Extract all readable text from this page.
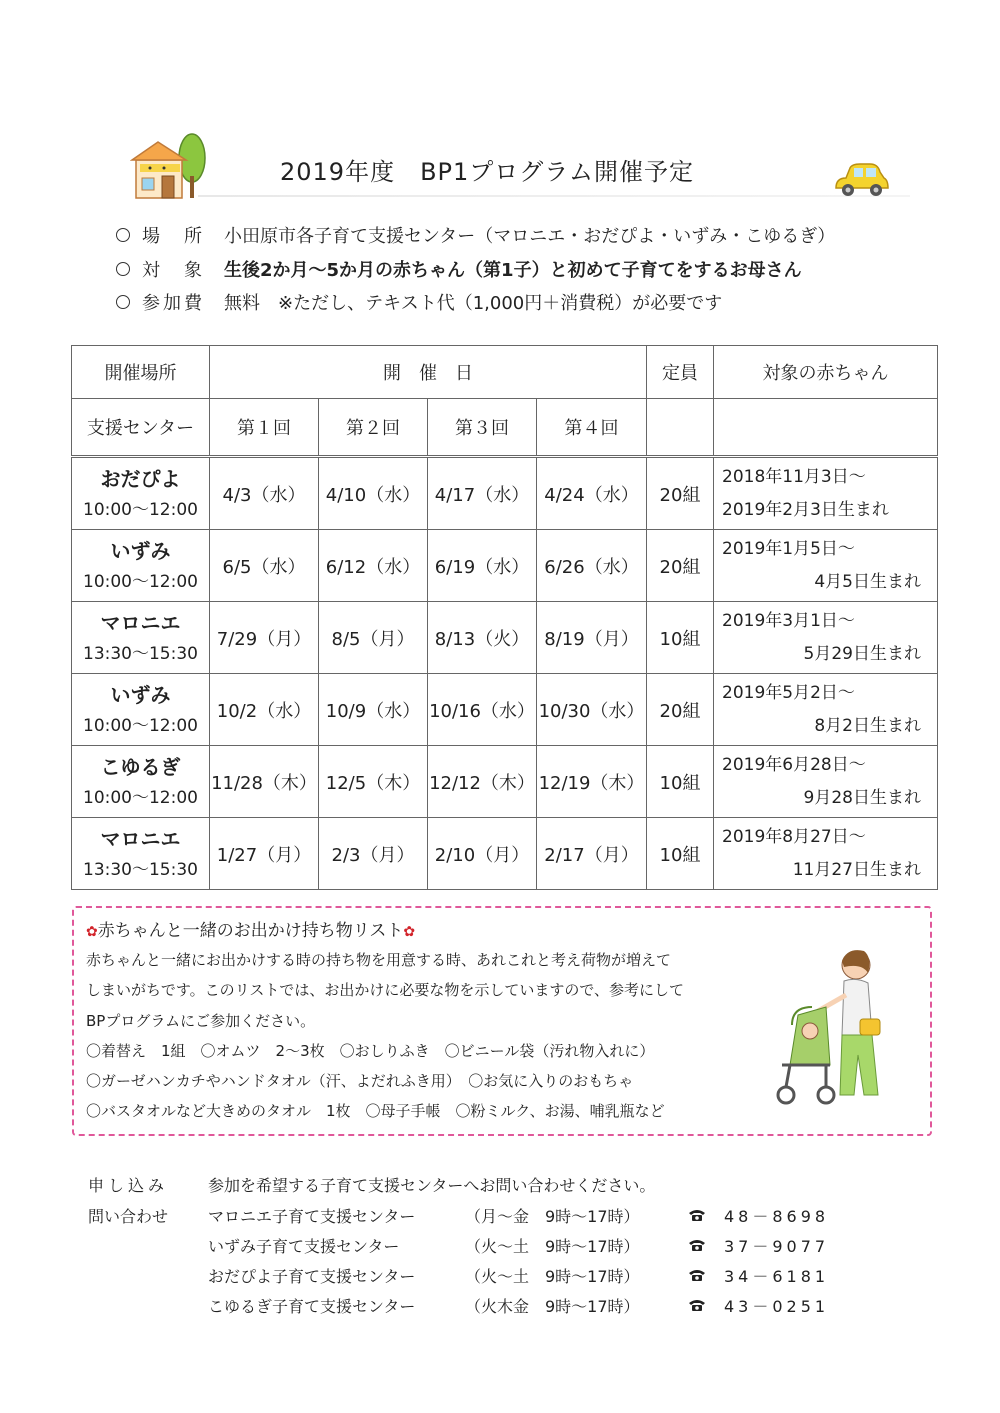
2019年度　BP1プログラム開催予定
場　所	小田原市各子育て支援センター（マロニエ・おだぴよ・いずみ・こゆるぎ）
対　象	生後2か月～5か月の赤ちゃん（第1子）と初めて子育てをするお母さん
参加費	無料　※ただし、テキスト代（1,000円＋消費税）が必要です
開催場所	開　催　日				定員	対象の赤ちゃん
支援センター	第１回	第２回	第３回	第４回		

おだぴよ
10:00～12:00	4/3（水）	4/10（水）	4/17（水）	4/24（水）	20組	2018年11月3日～
2019年2月3日生まれ

いずみ
10:00～12:00	6/5（水）	6/12（水）	6/19（水）	6/26（水）	20組	2019年1月5日～
4月5日生まれ

マロニエ
13:30～15:30	7/29（月）	8/5（月）	8/13（火）	8/19（月）	10組	2019年3月1日～
5月29日生まれ

いずみ
10:00～12:00	10/2（水）	10/9（水）	10/16（水）	10/30（水）	20組	2019年5月2日～
8月2日生まれ

こゆるぎ
10:00～12:00	11/28（木）	12/5（木）	12/12（木）	12/19（木）	10組	2019年6月28日～
9月28日生まれ

マロニエ
13:30～15:30	1/27（月）	2/3（月）	2/10（月）	2/17（月）	10組	2019年8月27日～
11月27日生まれ
✿赤ちゃんと一緒のお出かけ持ち物リスト✿
赤ちゃんと一緒にお出かけする時の持ち物を用意する時、あれこれと考え荷物が増えて
しまいがちです。このリストでは、お出かけに必要な物を示していますので、参考にして
BPプログラムにご参加ください。
〇着替え　1組　〇オムツ　2～3枚　〇おしりふき　〇ビニール袋（汚れ物入れに）
〇ガーゼハンカチやハンドタオル（汗、よだれふき用）　〇お気に入りのおもちゃ
〇バスタオルなど大きめのタオル　1枚　〇母子手帳　〇粉ミルク、お湯、哺乳瓶など
申し込み 参加を希望する子育て支援センターへお問い合わせください。
問い合わせ マロニエ子育て支援センター	（月～金　9時～17時）	48－8698
いずみ子育て支援センター	（火～土　9時～17時）	37－9077
おだぴよ子育て支援センター	（火～土　9時～17時）	34－6181
こゆるぎ子育て支援センター	（火木金　9時～17時）	43－0251
